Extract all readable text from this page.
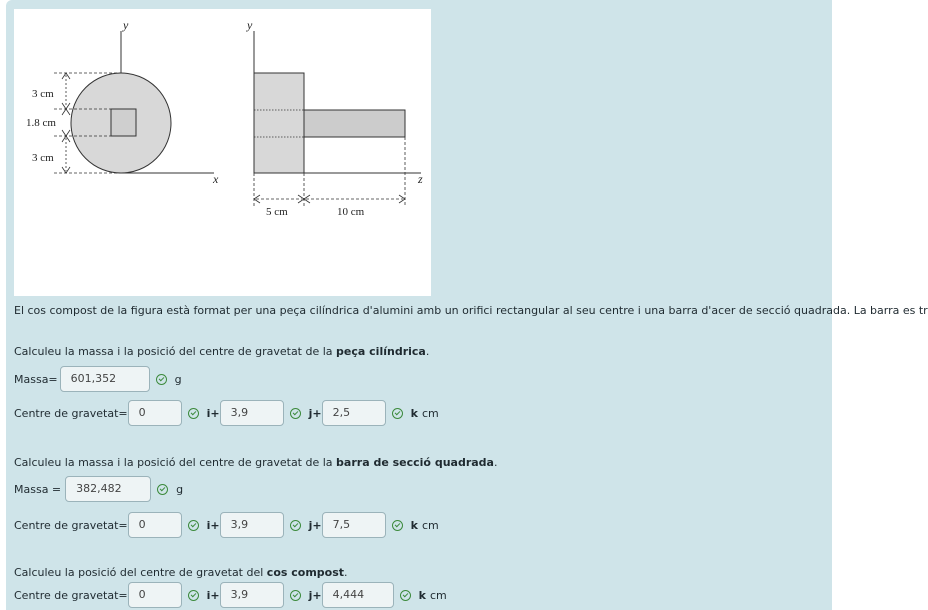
y
x
3 cm
1.8 cm
3 cm
y
z
5 cm	10 cm
El cos compost de la figura està format per una peça cilíndrica d'alumini amb un orifici rectangular al seu centre i una barra d'acer de secció quadrada. La barra es tr
Calculeu la massa i la posició del centre de gravetat de la peça cilíndrica.
Massa=	601,352	g
Centre de gravetat=	0	i+	3,9	j+	2,5	k cm
Calculeu la massa i la posició del centre de gravetat de la barra de secció quadrada.
Massa =	382,482	g
Centre de gravetat=	0	i+	3,9	j+	7,5	k cm
Calculeu la posició del centre de gravetat del cos compost.
Centre de gravetat=	0	i+	3,9	j+	4,444	k cm
